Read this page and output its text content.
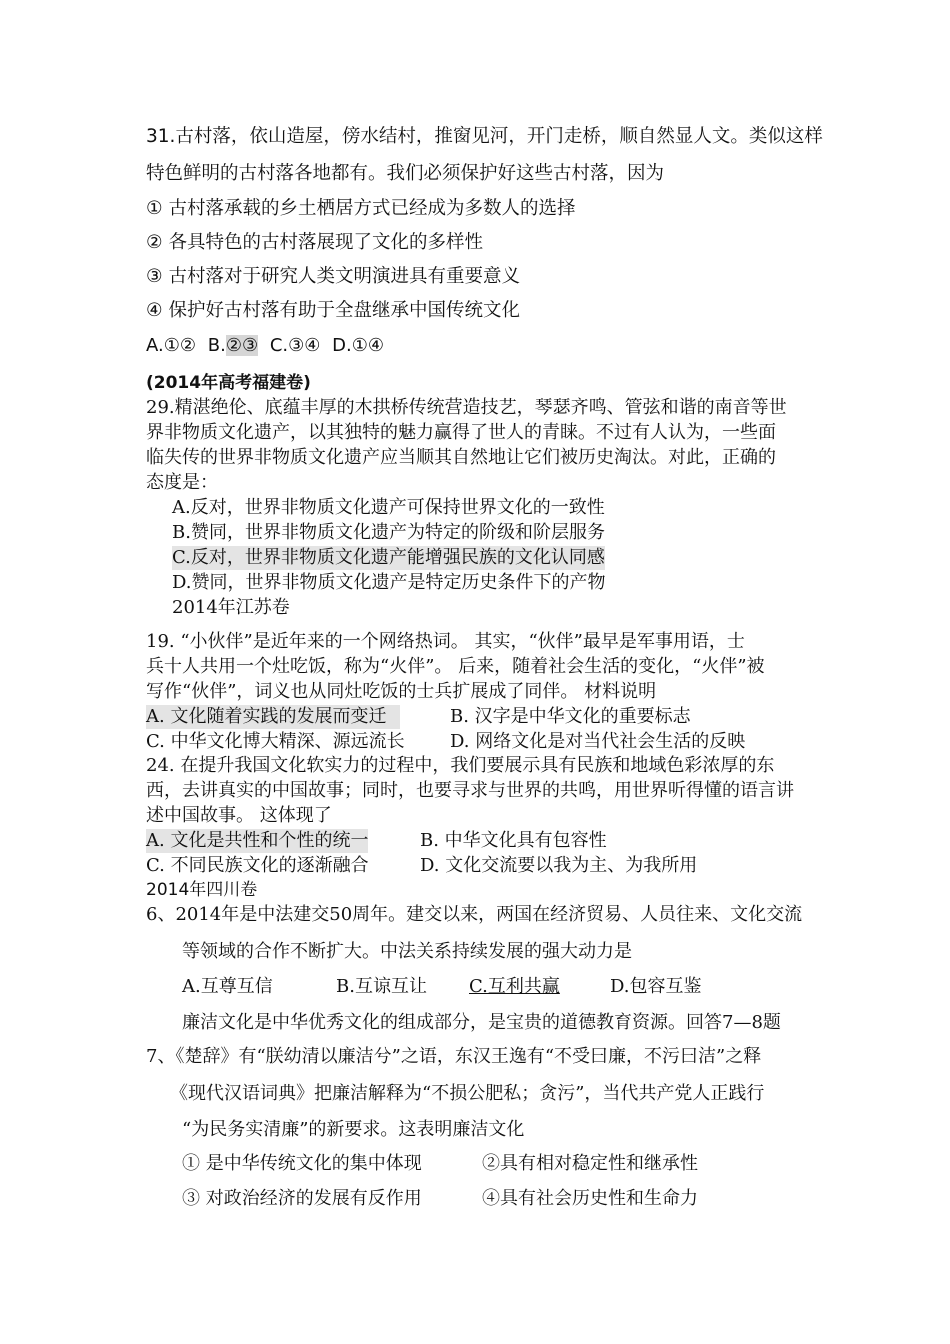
31.古村落，依山造屋，傍水结村，推窗见河，开门走桥，顺自然显人文。类似这样
特色鲜明的古村落各地都有。我们必须保护好这些古村落，因为
① 古村落承载的乡土栖居方式已经成为多数人的选择
② 各具特色的古村落展现了文化的多样性
③ 古村落对于研究人类文明演进具有重要意义
④ 保护好古村落有助于全盘继承中国传统文化
A.①② B.②③ C.③④ D.①④
(2014年高考福建卷)
29.精湛绝伦、底蕴丰厚的木拱桥传统营造技艺，琴瑟齐鸣、管弦和谐的南音等世
界非物质文化遗产，以其独特的魅力赢得了世人的青睐。不过有人认为，一些面
临失传的世界非物质文化遗产应当顺其自然地让它们被历史淘汰。对此，正确的
态度是：
A.反对，世界非物质文化遗产可保持世界文化的一致性
B.赞同，世界非物质文化遗产为特定的阶级和阶层服务
C.反对，世界非物质文化遗产能增强民族的文化认同感
D.赞同，世界非物质文化遗产是特定历史条件下的产物
2014年江苏卷
19. “小伙伴”是近年来的一个网络热词。 其实，“伙伴”最早是军事用语，士
兵十人共用一个灶吃饭，称为“火伴”。 后来，随着社会生活的变化，“火伴”被
写作“伙伴”，词义也从同灶吃饭的士兵扩展成了同伴。 材料说明
A. 文化随着实践的发展而变迁	B. 汉字是中华文化的重要标志
C. 中华文化博大精深、源远流长	D. 网络文化是对当代社会生活的反映
24. 在提升我国文化软实力的过程中，我们要展示具有民族和地域色彩浓厚的东
西，去讲真实的中国故事；同时，也要寻求与世界的共鸣，用世界听得懂的语言讲
述中国故事。 这体现了
A. 文化是共性和个性的统一	B. 中华文化具有包容性
C. 不同民族文化的逐渐融合	D. 文化交流要以我为主、为我所用
2014年四川卷
6、2014年是中法建交50周年。建交以来，两国在经济贸易、人员往来、文化交流
等领域的合作不断扩大。中法关系持续发展的强大动力是
A.互尊互信	B.互谅互让 C.互利共赢	D.包容互鉴
廉洁文化是中华优秀文化的组成部分，是宝贵的道德教育资源。回答7—8题
7、《楚辞》有“朕幼清以廉洁兮”之语，东汉王逸有“不受曰廉，不污曰洁”之释
《现代汉语词典》把廉洁解释为“不损公肥私；贪污”，当代共产党人正践行
“为民务实清廉”的新要求。这表明廉洁文化
① 是中华传统文化的集中体现	②具有相对稳定性和继承性
③ 对政治经济的发展有反作用	④具有社会历史性和生命力
